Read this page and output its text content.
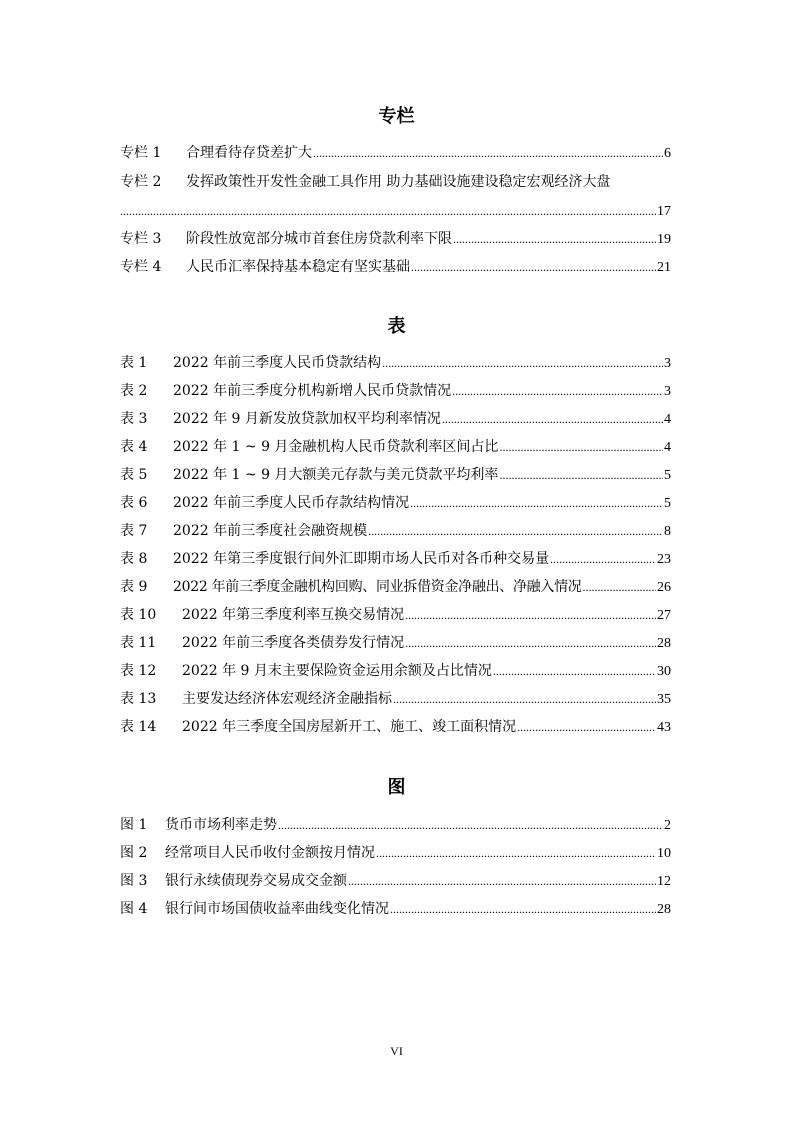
专栏
专栏 1	合理看待存贷差扩大 .....	6
专栏 2	发挥政策性开发性金融工具作用 助力基础设施建设稳定宏观经济大盘
.....
17
专栏 3	阶段性放宽部分城市首套住房贷款利率下限 .....	19
专栏 4	人民币汇率保持基本稳定有坚实基础 .....	21
表
表 1	2022 年前三季度人民币贷款结构 .....	3
表 2	2022 年前三季度分机构新增人民币贷款情况 .....	3
表 3	2022 年 9 月新发放贷款加权平均利率情况 .....	4
表 4	2022 年 1 ~ 9 月金融机构人民币贷款利率区间占比 .....	4
表 5	2022 年 1 ~ 9 月大额美元存款与美元贷款平均利率 .....	5
表 6	2022 年前三季度人民币存款结构情况 .....	5
表 7	2022 年前三季度社会融资规模 .....	8
表 8	2022 年第三季度银行间外汇即期市场人民币对各币种交易量 .....	23
表 9	2022 年前三季度金融机构回购、同业拆借资金净融出、净融入情况 .....	26
表 10	2022 年第三季度利率互换交易情况 .....	27
表 11	2022 年前三季度各类债券发行情况 .....	28
表 12	2022 年 9 月末主要保险资金运用余额及占比情况 .....	30
表 13	主要发达经济体宏观经济金融指标 .....	35
表 14	2022 年三季度全国房屋新开工、施工、竣工面积情况 .....	43
图
图 1	货币市场利率走势 .....	2
图 2	经常项目人民币收付金额按月情况 .....	10
图 3	银行永续债现券交易成交金额 .....	12
图 4	银行间市场国债收益率曲线变化情况 .....	28
VI
